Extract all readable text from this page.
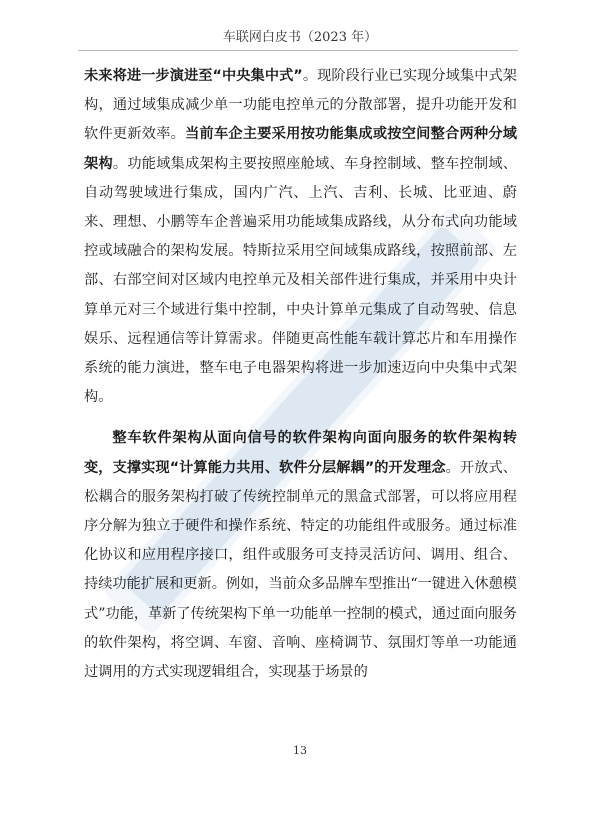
车联网白皮书（2023 年）

未来将进一步演进至“中央集中式”。现阶段行业已实现分域集中式架构，通过域集成减少单一功能电控单元的分散部署，提升功能开发和软件更新效率。当前车企主要采用按功能集成或按空间整合两种分域架构。功能域集成架构主要按照座舱域、车身控制域、整车控制域、自动驾驶域进行集成，国内广汽、上汽、吉利、长城、比亚迪、蔚来、理想、小鹏等车企普遍采用功能域集成路线，从分布式向功能域控或域融合的架构发展。特斯拉采用空间域集成路线，按照前部、左部、右部空间对区域内电控单元及相关部件进行集成，并采用中央计算单元对三个域进行集中控制，中央计算单元集成了自动驾驶、信息娱乐、远程通信等计算需求。伴随更高性能车载计算芯片和车用操作系统的能力演进，整车电子电器架构将进一步加速迈向中央集中式架构。

整车软件架构从面向信号的软件架构向面向服务的软件架构转变，支撑实现“计算能力共用、软件分层解耦”的开发理念。开放式、松耦合的服务架构打破了传统控制单元的黑盒式部署，可以将应用程序分解为独立于硬件和操作系统、特定的功能组件或服务。通过标准化协议和应用程序接口，组件或服务可支持灵活访问、调用、组合、持续功能扩展和更新。例如，当前众多品牌车型推出“一键进入休憩模式”功能，革新了传统架构下单一功能单一控制的模式，通过面向服务的软件架构，将空调、车窗、音响、座椅调节、氛围灯等单一功能通过调用的方式实现逻辑组合，实现基于场景的

13
